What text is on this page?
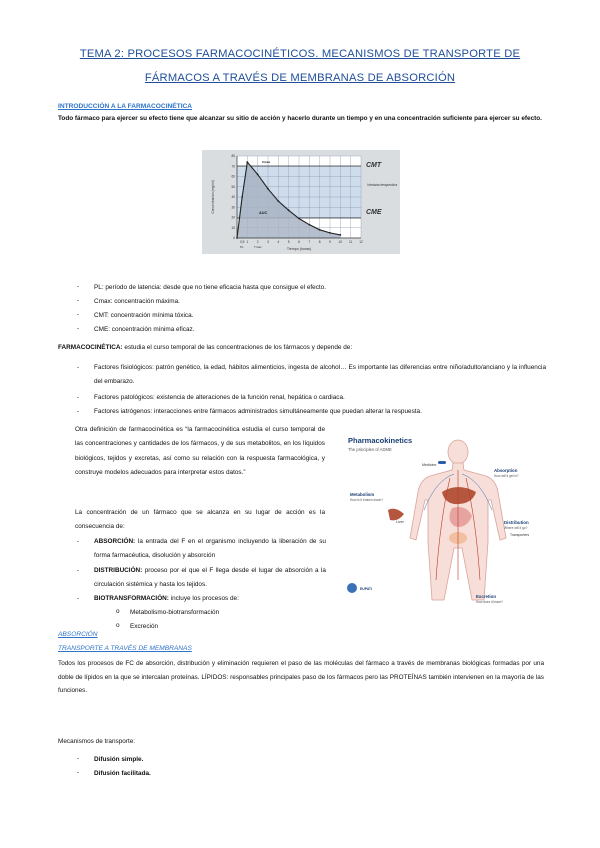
TEMA 2: PROCESOS FARMACOCINÉTICOS. MECANISMOS DE TRANSPORTE DE
FÁRMACOS A TRAVÉS DE MEMBRANAS DE ABSORCIÓN
INTRODUCCIÓN A LA FARMACOCINÉTICA
Todo fármaco para ejercer su efecto tiene que alcanzar su sitio de acción y hacerlo durante un tiempo y en una concentración suficiente para ejercer su efecto.
0
10
20
30
40
50
60
70
80
0,5 1	2	3	4	5	6	7	8	9 10 11 12
Concentración (mg/ml)
Tiempo (horas)
CMT
CME
Ventana terapéutica
Cmax
AUC
PL	Tmax
- PL: período de latencia: desde que no tiene eficacia hasta que consigue el efecto.
- Cmax: concentración máxima.
- CMT: concentración mínima tóxica.
- CME: concentración mínima eficaz.
FARMACOCINÉTICA: estudia el curso temporal de las concentraciones de los fármacos y depende de:
- Factores fisiológicos: patrón genético, la edad, hábitos alimenticios, ingesta de alcohol… Es importante las diferencias entre niño/adulto/anciano y la influencia del embarazo.
- Factores patológicos: existencia de alteraciones de la función renal, hepática o cardiaca.
- Factores iatrógenos: interacciones entre fármacos administrados simultáneamente que puedan alterar la respuesta.
Otra definición de farmacocinética es “la farmacocinética estudia el curso temporal de las concentraciones y cantidades de los fármacos, y de sus metabolitos, en los líquidos biológicos, tejidos y excretas, así como su relación con la respuesta farmacológica, y construye modelos adecuados para interpretar estos datos.”
La concentración de un fármaco que se alcanza en su lugar de acción es la consecuencia de:
- ABSORCIÓN: la entrada del F en el organismo incluyendo la liberación de su forma farmacéutica, disolución y absorción
- DISTRIBUCIÓN: proceso por el que el F llega desde el lugar de absorción a la circulación sistémica y hasta los tejidos.
- BIOTRANSFORMACIÓN: incluye los procesos de:
o Metabolismo-biotransformación
o Excreción
Pharmacokinetics
The principles of ADME
Medicine
Absorption
How will it get in?
Metabolism
How is it broken down?
Liver	Distribution
Where will it go?
Transporters
Excretion
How does it leave?
EUPATI
ABSORCIÓN
TRANSPORTE A TRAVÉS DE MEMBRANAS
Todos los procesos de FC de absorción, distribución y eliminación requieren el paso de las moléculas del fármaco a través de membranas biológicas formadas por una doble de lípidos en la que se intercalan proteínas. LÍPIDOS: responsables principales paso de los fármacos pero las PROTEÍNAS también intervienen en la mayoría de las funciones.
Mecanismos de transporte:
- Difusión simple.
- Difusión facilitada.
